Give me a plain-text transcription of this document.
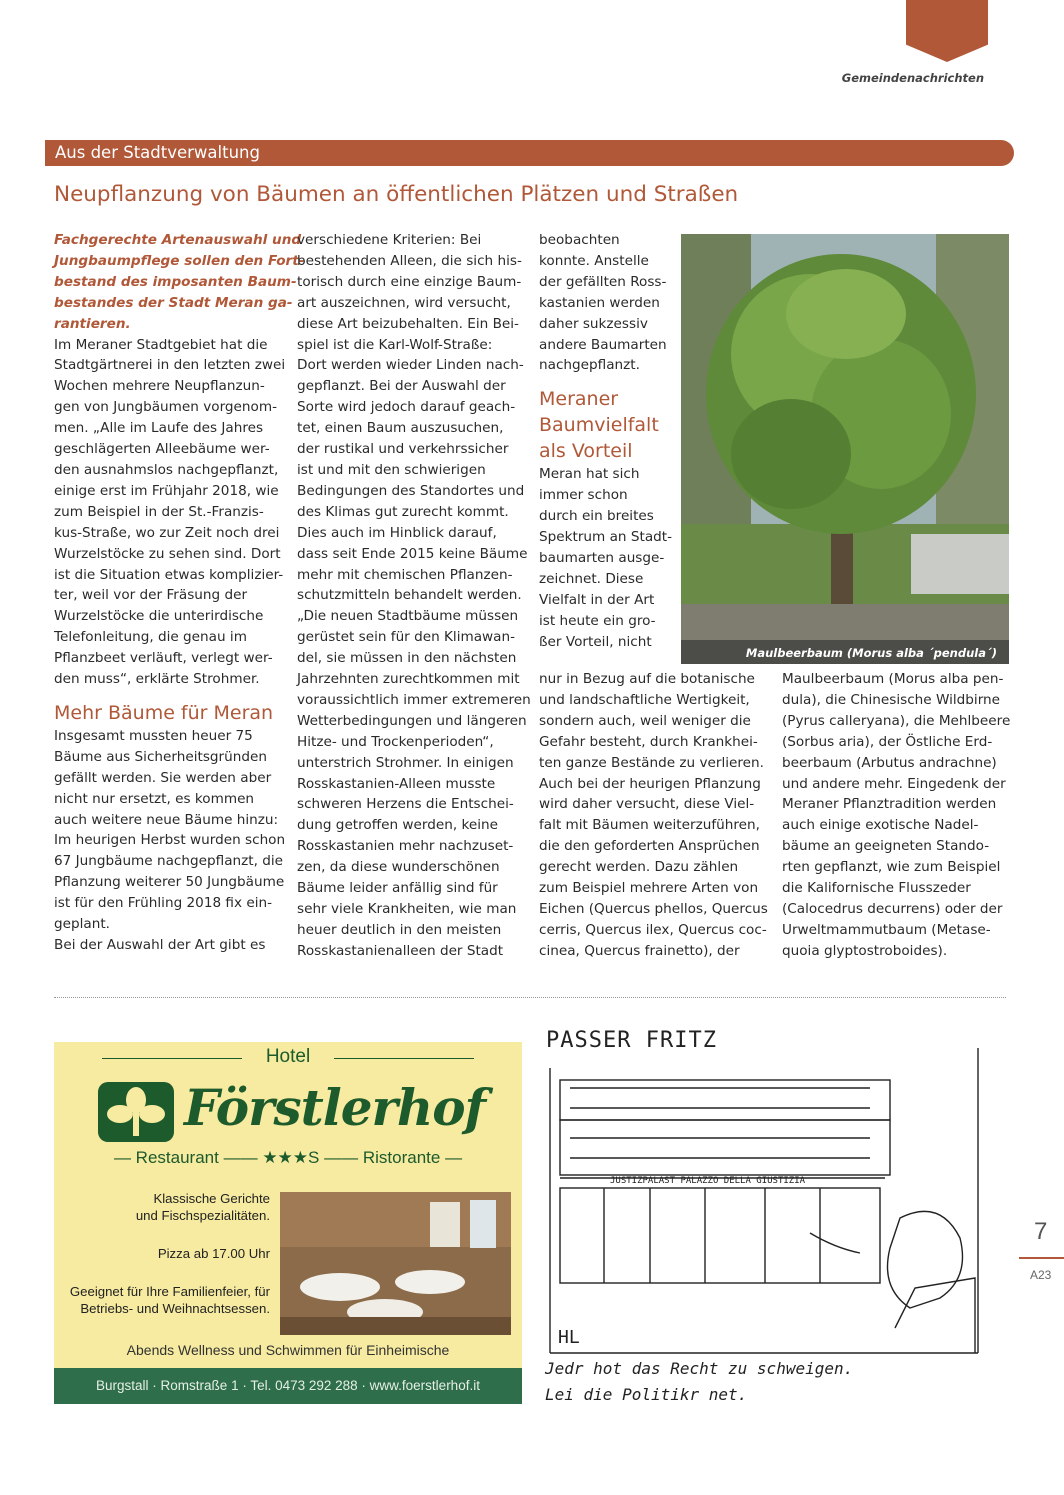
Gemeindenachrichten
Aus der Stadtverwaltung
Neupflanzung von Bäumen an öffentlichen Plätzen und Straßen

Fachgerechte Artenauswahl und
Jungbaumpflege sollen den Fort-
bestand des imposanten Baum-
bestandes der Stadt Meran ga-
rantieren.

Im Meraner Stadtgebiet hat die
Stadtgärtnerei in den letzten zwei
Wochen mehrere Neupflanzun-
gen von Jungbäumen vorgenom-
men. „Alle im Laufe des Jahres
geschlägerten Alleebäume wer-
den ausnahmslos nachgepflanzt,
einige erst im Frühjahr 2018, wie
zum Beispiel in der St.-Franzis-
kus-Straße, wo zur Zeit noch drei
Wurzelstöcke zu sehen sind. Dort
ist die Situation etwas komplizier-
ter, weil vor der Fräsung der
Wurzelstöcke die unterirdische
Telefonleitung, die genau im
Pflanzbeet verläuft, verlegt wer-
den muss“, erklärte Strohmer.

Mehr Bäume für Meran

Insgesamt mussten heuer 75
Bäume aus Sicherheitsgründen
gefällt werden. Sie werden aber
nicht nur ersetzt, es kommen
auch weitere neue Bäume hinzu:
Im heurigen Herbst wurden schon
67 Jungbäume nachgepflanzt, die
Pflanzung weiterer 50 Jungbäume
ist für den Frühling 2018 fix ein-
geplant.
Bei der Auswahl der Art gibt es

verschiedene Kriterien: Bei
bestehenden Alleen, die sich his-
torisch durch eine einzige Baum-
art auszeichnen, wird versucht,
diese Art beizubehalten. Ein Bei-
spiel ist die Karl-Wolf-Straße:
Dort werden wieder Linden nach-
gepflanzt. Bei der Auswahl der
Sorte wird jedoch darauf geach-
tet, einen Baum auszusuchen,
der rustikal und verkehrssicher
ist und mit den schwierigen
Bedingungen des Standortes und
des Klimas gut zurecht kommt.
Dies auch im Hinblick darauf,
dass seit Ende 2015 keine Bäume
mehr mit chemischen Pflanzen-
schutzmitteln behandelt werden.
„Die neuen Stadtbäume müssen
gerüstet sein für den Klimawan-
del, sie müssen in den nächsten
Jahrzehnten zurechtkommen mit
voraussichtlich immer extremeren
Wetterbedingungen und längeren
Hitze- und Trockenperioden“,
unterstrich Strohmer. In einigen
Rosskastanien-Alleen musste
schweren Herzens die Entschei-
dung getroffen werden, keine
Rosskastanien mehr nachzuset-
zen, da diese wunderschönen
Bäume leider anfällig sind für
sehr viele Krankheiten, wie man
heuer deutlich in den meisten
Rosskastanienalleen der Stadt

beobachten
konnte. Anstelle
der gefällten Ross-
kastanien werden
daher sukzessiv
andere Baumarten
nachgepflanzt.

Meraner
Baumvielfalt
als Vorteil

Meran hat sich
immer schon
durch ein breites
Spektrum an Stadt-
baumarten ausge-
zeichnet. Diese
Vielfalt in der Art
ist heute ein gro-
ßer Vorteil, nicht

nur in Bezug auf die botanische
und landschaftliche Wertigkeit,
sondern auch, weil weniger die
Gefahr besteht, durch Krankhei-
ten ganze Bestände zu verlieren.
Auch bei der heurigen Pflanzung
wird daher versucht, diese Viel-
falt mit Bäumen weiterzuführen,
die den geforderten Ansprüchen
gerecht werden. Dazu zählen
zum Beispiel mehrere Arten von
Eichen (Quercus phellos, Quercus
cerris, Quercus ilex, Quercus coc-
cinea, Quercus frainetto), der

Maulbeerbaum (Morus alba pen-
dula), die Chinesische Wildbirne
(Pyrus calleryana), die Mehlbeere
(Sorbus aria), der Östliche Erd-
beerbaum (Arbutus andrachne)
und andere mehr. Eingedenk der
Meraner Pflanztradition werden
auch einige exotische Nadel-
bäume an geeigneten Stando-
rten gepflanzt, wie zum Beispiel
die Kalifornische Flusszeder
(Calocedrus decurrens) oder der
Urweltmammutbaum (Metase-
quoia glyptostroboides).

Maulbeerbaum (Morus alba ´pendula´)
Hotel
Förstlerhof
— Restaurant —— ★★★S —— Ristorante —
Klassische Gerichte
und Fischspezialitäten.
Pizza ab 17.00 Uhr
Geeignet für Ihre Familienfeier, für
Betriebs- und Weihnachtsessen.
Abends Wellness und Schwimmen für Einheimische
Burgstall · Romstraße 1 · Tel. 0473 292 288 · www.foerstlerhof.it
PASSER FRITZ
JUSTIZPALAST PALAZZO DELLA GIUSTIZIA
HL
Jedr hot das Recht zu schweigen.
Lei die Politikr net.
7
A23
